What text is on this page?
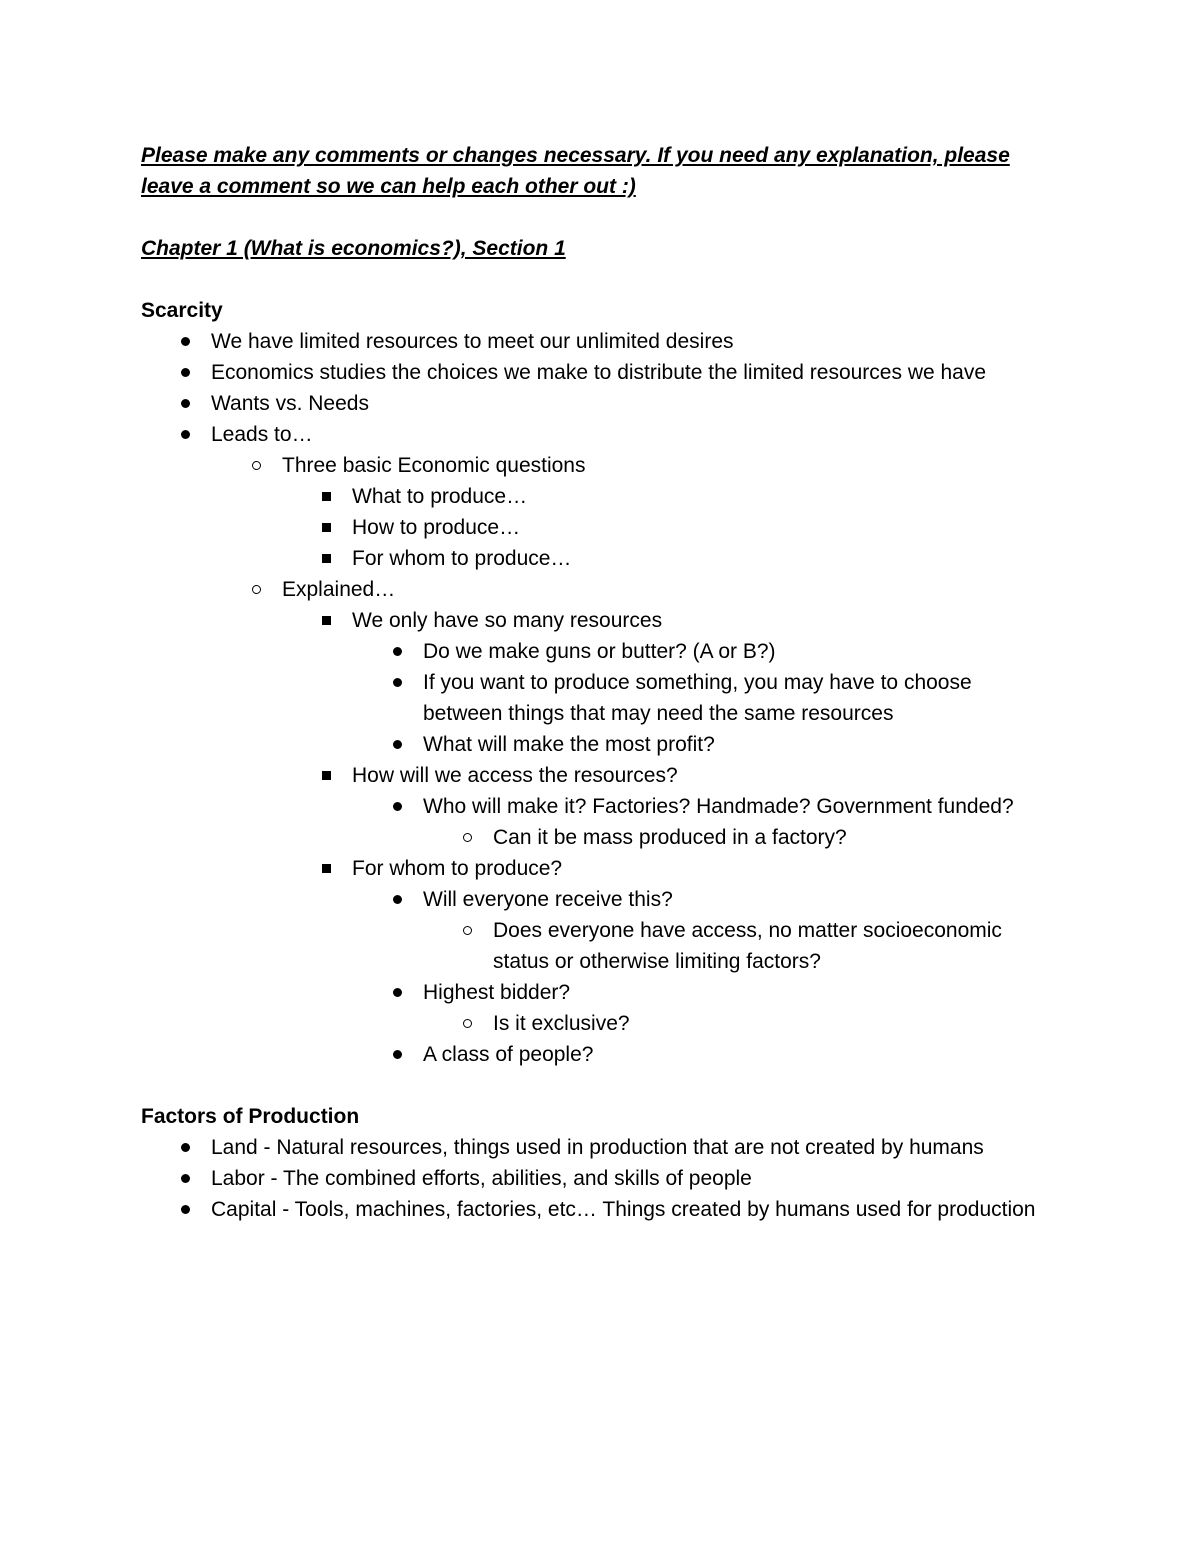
Please make any comments or changes necessary. If you need any explanation, please leave a comment so we can help each other out :)

Chapter 1 (What is economics?), Section 1

Scarcity
We have limited resources to meet our unlimited desires
Economics studies the choices we make to distribute the limited resources we have
Wants vs. Needs
Leads to…
Three basic Economic questions
What to produce…
How to produce…
For whom to produce…
Explained…
We only have so many resources
Do we make guns or butter? (A or B?)
If you want to produce something, you may have to choose between things that may need the same resources
What will make the most profit?
How will we access the resources?
Who will make it? Factories? Handmade? Government funded?
Can it be mass produced in a factory?
For whom to produce?
Will everyone receive this?
Does everyone have access, no matter socioeconomic status or otherwise limiting factors?
Highest bidder?
Is it exclusive?
A class of people?
Factors of Production
Land - Natural resources, things used in production that are not created by humans
Labor - The combined efforts, abilities, and skills of people
Capital - Tools, machines, factories, etc… Things created by humans used for production
